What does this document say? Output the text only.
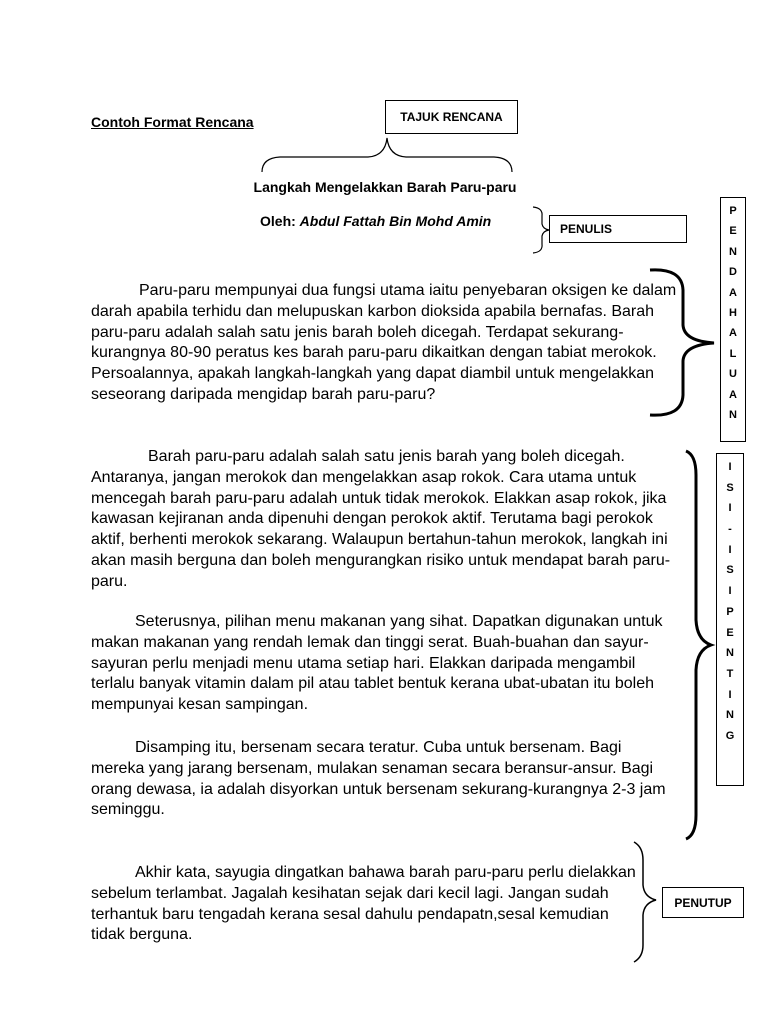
Contoh Format Rencana	TAJUK RENCANA
Langkah Mengelakkan Barah Paru-paru
Oleh: Abdul Fattah Bin Mohd Amin	PENULIS
P
E
N
D
A
H
A
L
U
A
N
I
S
I
-
I
S
I
P
E
N
T
I
N
G
PENUTUP

Paru-paru mempunyai dua fungsi utama iaitu penyebaran oksigen ke dalam darah apabila terhidu dan melupuskan karbon dioksida apabila bernafas. Barah paru-paru adalah salah satu jenis barah boleh dicegah. Terdapat sekurang-kurangnya 80-90 peratus kes barah paru-paru dikaitkan dengan tabiat merokok. Persoalannya, apakah langkah-langkah yang dapat diambil untuk mengelakkan seseorang daripada mengidap barah paru-paru?

Barah paru-paru adalah salah satu jenis barah yang boleh dicegah. Antaranya, jangan merokok dan mengelakkan asap rokok. Cara utama untuk mencegah barah paru-paru adalah untuk tidak merokok. Elakkan asap rokok, jika kawasan kejiranan anda dipenuhi dengan perokok aktif. Terutama bagi perokok aktif, berhenti merokok sekarang. Walaupun bertahun-tahun merokok, langkah ini akan masih berguna dan boleh mengurangkan risiko untuk mendapat barah paru-paru.

Seterusnya, pilihan menu makanan yang sihat. Dapatkan digunakan untuk makan makanan yang rendah lemak dan tinggi serat. Buah-buahan dan sayur-sayuran perlu menjadi menu utama setiap hari. Elakkan daripada mengambil terlalu banyak vitamin dalam pil atau tablet bentuk kerana ubat-ubatan itu boleh mempunyai kesan sampingan.

Disamping itu, bersenam secara teratur. Cuba untuk bersenam. Bagi mereka yang jarang bersenam, mulakan senaman secara beransur-ansur. Bagi orang dewasa, ia adalah disyorkan untuk bersenam sekurang-kurangnya 2-3 jam seminggu.

Akhir kata, sayugia dingatkan bahawa barah paru-paru perlu dielakkan sebelum terlambat. Jagalah kesihatan sejak dari kecil lagi. Jangan sudah terhantuk baru tengadah kerana sesal dahulu pendapatn,sesal kemudian tidak berguna.
